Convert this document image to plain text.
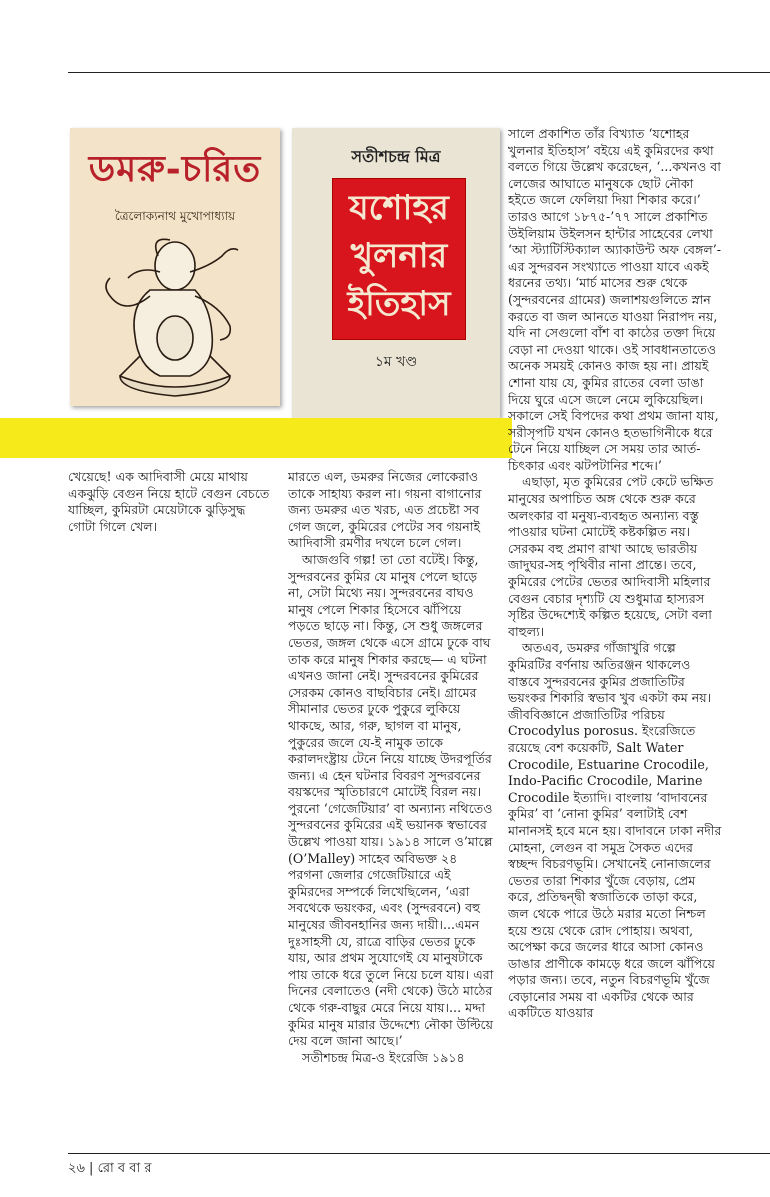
ডমরু-চরিত
ত্রৈলোক্যনাথ মুখোপাধ্যায়
সতীশচন্দ্র মিত্র
যশোহর
খুলনার
ইতিহাস
১ম খণ্ড

খেয়েছে! এক আদিবাসী মেয়ে মাথায় একঝুড়ি বেগুন নিয়ে হাটে বেগুন বেচতে যাচ্ছিল, কুমিরটা মেয়েটাকে ঝুড়িসুদ্ধ গোটা গিলে খেল।

মারতে এল, ডমরুর নিজের লোকেরাও তাকে সাহায্য করল না। গয়না বাগানোর জন্য ডমরুর এত খরচ, এত প্রচেষ্টা সব গেল জলে, কুমিরের পেটের সব গয়নাই আদিবাসী রমণীর দখলে চলে গেল।

আজগুবি গল্প! তা তো বটেই। কিন্তু, সুন্দরবনের কুমির যে মানুষ পেলে ছাড়ে না, সেটা মিথ্যে নয়। সুন্দরবনের বাঘও মানুষ পেলে শিকার হিসেবে ঝাঁপিয়ে পড়তে ছাড়ে না। কিন্তু, সে শুধু জঙ্গলের ভেতর, জঙ্গল থেকে এসে গ্রামে ঢুকে বাঘ তাক করে মানুষ শিকার করছে— এ ঘটনা এখনও জানা নেই। সুন্দরবনের কুমিরের সেরকম কোনও বাছবিচার নেই। গ্রামের সীমানার ভেতর ঢুকে পুকুরে লুকিয়ে থাকছে, আর, গরু, ছাগল বা মানুষ, পুকুরের জলে যে-ই নামুক তাকে করালদংষ্ট্রায় টেনে নিয়ে যাচ্ছে উদরপূর্তির জন্য। এ হেন ঘটনার বিবরণ সুন্দরবনের বয়স্কদের স্মৃতিচারণে মোটেই বিরল নয়। পুরনো ‘গেজেটিয়ার’ বা অন্যান্য নথিতেও সুন্দরবনের কুমিরের এই ভয়ানক স্বভাবের উল্লেখ পাওয়া যায়। ১৯১৪ সালে ও’মাল্লে (O’Malley) সাহেব অবিভক্ত ২৪ পরগনা জেলার গেজেটিয়ারে এই কুমিরদের সম্পর্কে লিখেছিলেন, ‘এরা সবথেকে ভয়ংকর, এবং (সুন্দরবনে) বহু মানুষের জীবনহানির জন্য দায়ী।...এমন দুঃসাহসী যে, রাত্রে বাড়ির ভেতর ঢুকে যায়, আর প্রথম সুযোগেই যে মানুষটাকে পায় তাকে ধরে তুলে নিয়ে চলে যায়। এরা দিনের বেলাতেও (নদী থেকে) উঠে মাঠের থেকে গরু-বাছুর মেরে নিয়ে যায়।... মদ্দা কুমির মানুষ মারার উদ্দেশ্যে নৌকা উল্টিয়ে দেয় বলে জানা আছে।’

সতীশচন্দ্র মিত্র-ও ইংরেজি ১৯১৪

সালে প্রকাশিত তাঁর বিখ্যাত ‘যশোহর খুলনার ইতিহাস’ বইয়ে এই কুমিরদের কথা বলতে গিয়ে উল্লেখ করেছেন, ‘...কখনও বা লেজের আঘাতে মানুষকে ছোট নৌকা হইতে জলে ফেলিয়া দিয়া শিকার করে।’ তারও আগে ১৮৭৫-’৭৭ সালে প্রকাশিত উইলিয়াম উইলসন হান্টার সাহেবের লেখা ‘আ স্ট্যাটিস্টিক্যাল অ্যাকাউন্ট অফ বেঙ্গল’-এর সুন্দরবন সংখ্যাতে পাওয়া যাবে একই ধরনের তথ্য। ‘মার্চ মাসের শুরু থেকে (সুন্দরবনের গ্রামের) জলাশয়গুলিতে স্নান করতে বা জল আনতে যাওয়া নিরাপদ নয়, যদি না সেগুলো বাঁশ বা কাঠের তক্তা দিয়ে বেড়া না দেওয়া থাকে। ওই সাবধানতাতেও অনেক সময়ই কোনও কাজ হয় না। প্রায়ই শোনা যায় যে, কুমির রাতের বেলা ডাঙা দিয়ে ঘুরে এসে জলে নেমে লুকিয়েছিল। সকালে সেই বিপদের কথা প্রথম জানা যায়, সরীসৃপটি যখন কোনও হতভাগিনীকে ধরে টেনে নিয়ে যাচ্ছিল সে সময় তার আর্ত-চিৎকার এবং ঝটপটানির শব্দে।’

এছাড়া, মৃত কুমিরের পেট কেটে ভক্ষিত মানুষের অপাচিত অঙ্গ থেকে শুরু করে অলংকার বা মনুষ্য-ব্যবহৃত অন্যান্য বস্তু পাওয়ার ঘটনা মোটেই কষ্টকল্পিত নয়। সেরকম বহু প্রমাণ রাখা আছে ভারতীয় জাদুঘর-সহ পৃথিবীর নানা প্রান্তে। তবে, কুমিরের পেটের ভেতর আদিবাসী মহিলার বেগুন বেচার দৃশ্যটি যে শুধুমাত্র হাস্যরস সৃষ্টির উদ্দেশ্যেই কল্পিত হয়েছে, সেটা বলা বাহুল্য।

অতএব, ডমরুর গাঁজাখুরি গল্পে কুমিরটির বর্ণনায় অতিরঞ্জন থাকলেও বাস্তবে সুন্দরবনের কুমির প্রজাতিটির ভয়ংকর শিকারি স্বভাব খুব একটা কম নয়। জীববিজ্ঞানে প্রজাতিটির পরিচয় Crocodylus porosus. ইংরেজিতে রয়েছে বেশ কয়েকটি, Salt Water Crocodile, Estuarine Crocodile, Indo-Pacific Crocodile, Marine Crocodile ইত্যাদি। বাংলায় ‘বাদাবনের কুমির’ বা ‘নোনা কুমির’ বলাটাই বেশ মানানসই হবে মনে হয়। বাদাবনে ঢাকা নদীর মোহনা, লেগুন বা সমুদ্র সৈকত এদের স্বচ্ছন্দ বিচরণভূমি। সেখানেই নোনাজলের ভেতর তারা শিকার খুঁজে বেড়ায়, প্রেম করে, প্রতিদ্বন্দ্বী স্বজাতিকে তাড়া করে, জল থেকে পারে উঠে মরার মতো নিশ্চল হয়ে শুয়ে থেকে রোদ পোহায়। অথবা, অপেক্ষা করে জলের ধারে আসা কোনও ডাঙার প্রাণীকে কামড়ে ধরে জলে ঝাঁপিয়ে পড়ার জন্য। তবে, নতুন বিচরণভূমি খুঁজে বেড়ানোর সময় বা একটির থেকে আর একটিতে যাওয়ার

২৬ | রো ব বা র
